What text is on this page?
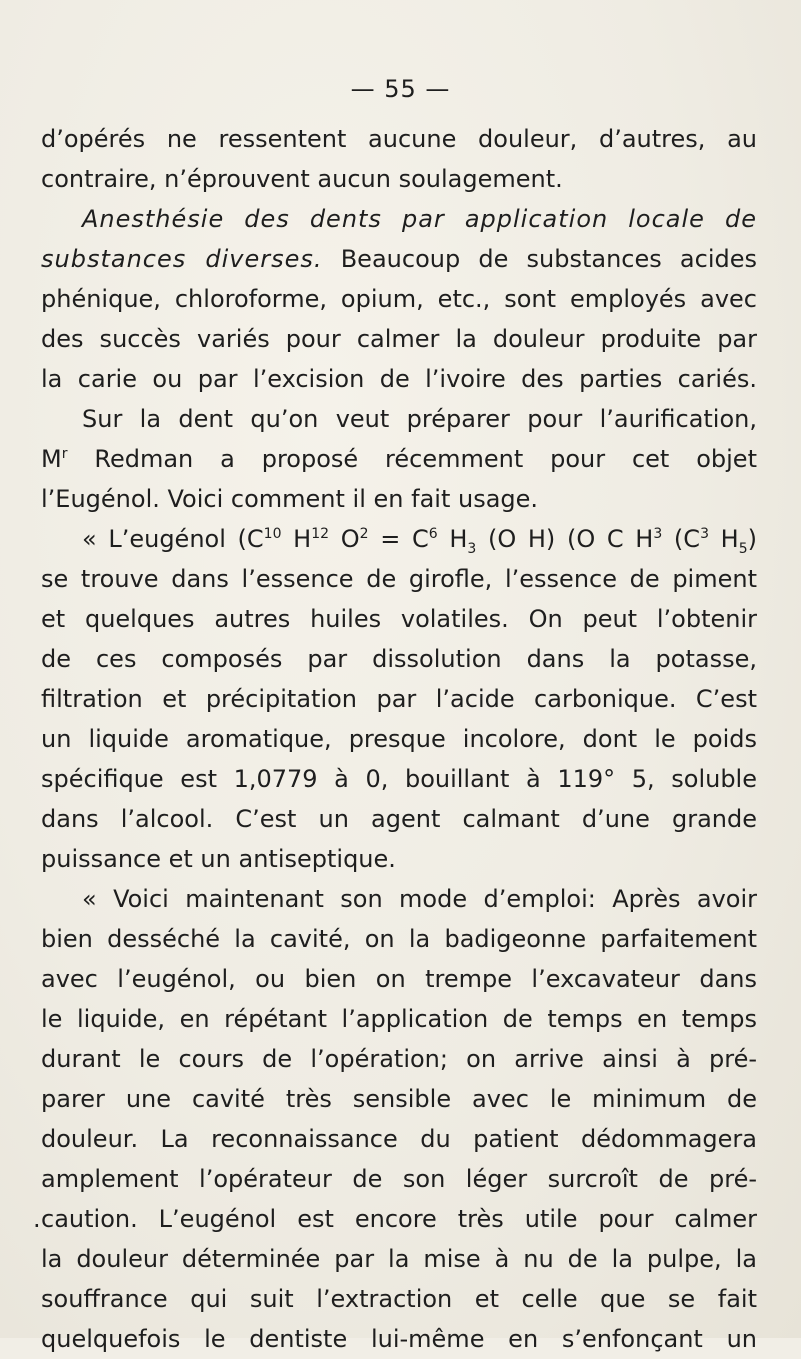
— 55 —
d’opérés ne ressentent aucune douleur, d’autres, au
contraire, n’éprouvent aucun soulagement.
Anesthésie des dents par application locale de
substances diverses. Beaucoup de substances acides
phénique, chloroforme, opium, etc., sont employés avec
des succès variés pour calmer la douleur produite par
la carie ou par l’excision de l’ivoire des parties cariés.
Sur la dent qu’on veut préparer pour l’aurification,
$M^r$ Redman a proposé récemment pour cet objet
l’Eugénol. Voici comment il en fait usage.
« L’eugénol ($C^{10}$ $H^{12}$ $O^2 = C^6$ $H_3$ (O H) (O C $H^3$ ($C^3$ $H_5$)
se trouve dans l’essence de girofle, l’essence de piment
et quelques autres huiles volatiles. On peut l’obtenir
de ces composés par dissolution dans la potasse,
filtration et précipitation par l’acide carbonique. C’est
un liquide aromatique, presque incolore, dont le poids
spécifique est 1,0779 à 0, bouillant à 119° 5, soluble
dans l’alcool. C’est un agent calmant d’une grande
puissance et un antiseptique.
« Voici maintenant son mode d’emploi: Après avoir
bien desséché la cavité, on la badigeonne parfaitement
avec l’eugénol, ou bien on trempe l’excavateur dans
le liquide, en répétant l’application de temps en temps
durant le cours de l’opération; on arrive ainsi à pré-
parer une cavité très sensible avec le minimum de
douleur. La reconnaissance du patient dédommagera
amplement l’opérateur de son léger surcroît de pré-
. caution. L’eugénol est encore très utile pour calmer
la douleur déterminée par la mise à nu de la pulpe, la
souffrance qui suit l’extraction et celle que se fait
quelquefois le dentiste lui-même en s’enfonçant un
